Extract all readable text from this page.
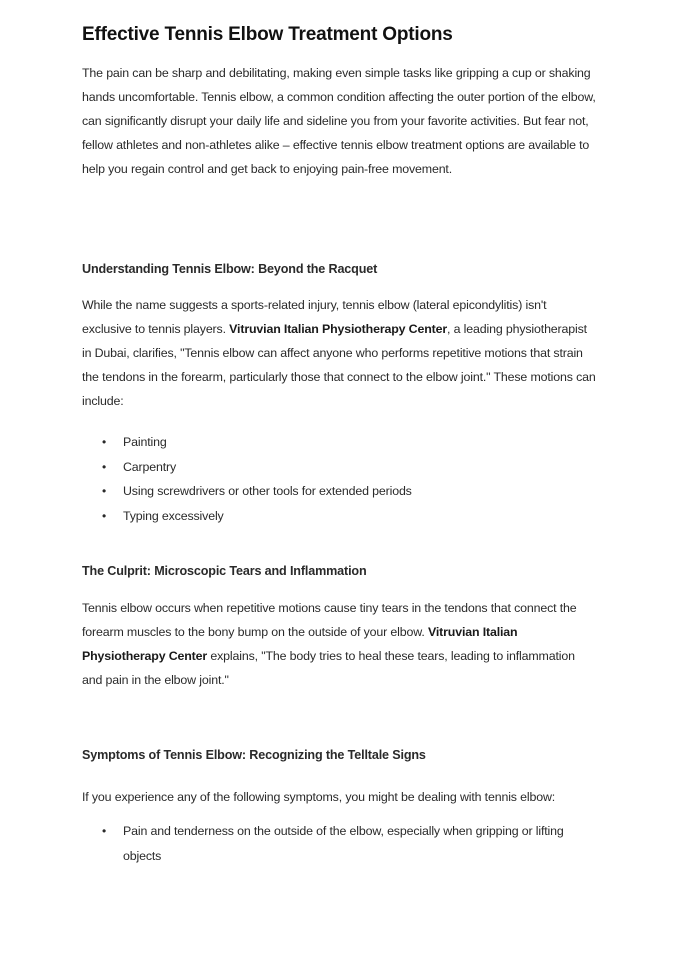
Effective Tennis Elbow Treatment Options

The pain can be sharp and debilitating, making even simple tasks like gripping a cup or shaking hands uncomfortable. Tennis elbow, a common condition affecting the outer portion of the elbow, can significantly disrupt your daily life and sideline you from your favorite activities. But fear not, fellow athletes and non-athletes alike – effective tennis elbow treatment options are available to help you regain control and get back to enjoying pain-free movement.

Understanding Tennis Elbow: Beyond the Racquet

While the name suggests a sports-related injury, tennis elbow (lateral epicondylitis) isn't exclusive to tennis players. Vitruvian Italian Physiotherapy Center, a leading physiotherapist in Dubai, clarifies, "Tennis elbow can affect anyone who performs repetitive motions that strain the tendons in the forearm, particularly those that connect to the elbow joint." These motions can include:

• Painting
• Carpentry
• Using screwdrivers or other tools for extended periods
• Typing excessively
The Culprit: Microscopic Tears and Inflammation

Tennis elbow occurs when repetitive motions cause tiny tears in the tendons that connect the forearm muscles to the bony bump on the outside of your elbow. Vitruvian Italian Physiotherapy Center explains, "The body tries to heal these tears, leading to inflammation and pain in the elbow joint."

Symptoms of Tennis Elbow: Recognizing the Telltale Signs

If you experience any of the following symptoms, you might be dealing with tennis elbow:

• Pain and tenderness on the outside of the elbow, especially when gripping or lifting objects
